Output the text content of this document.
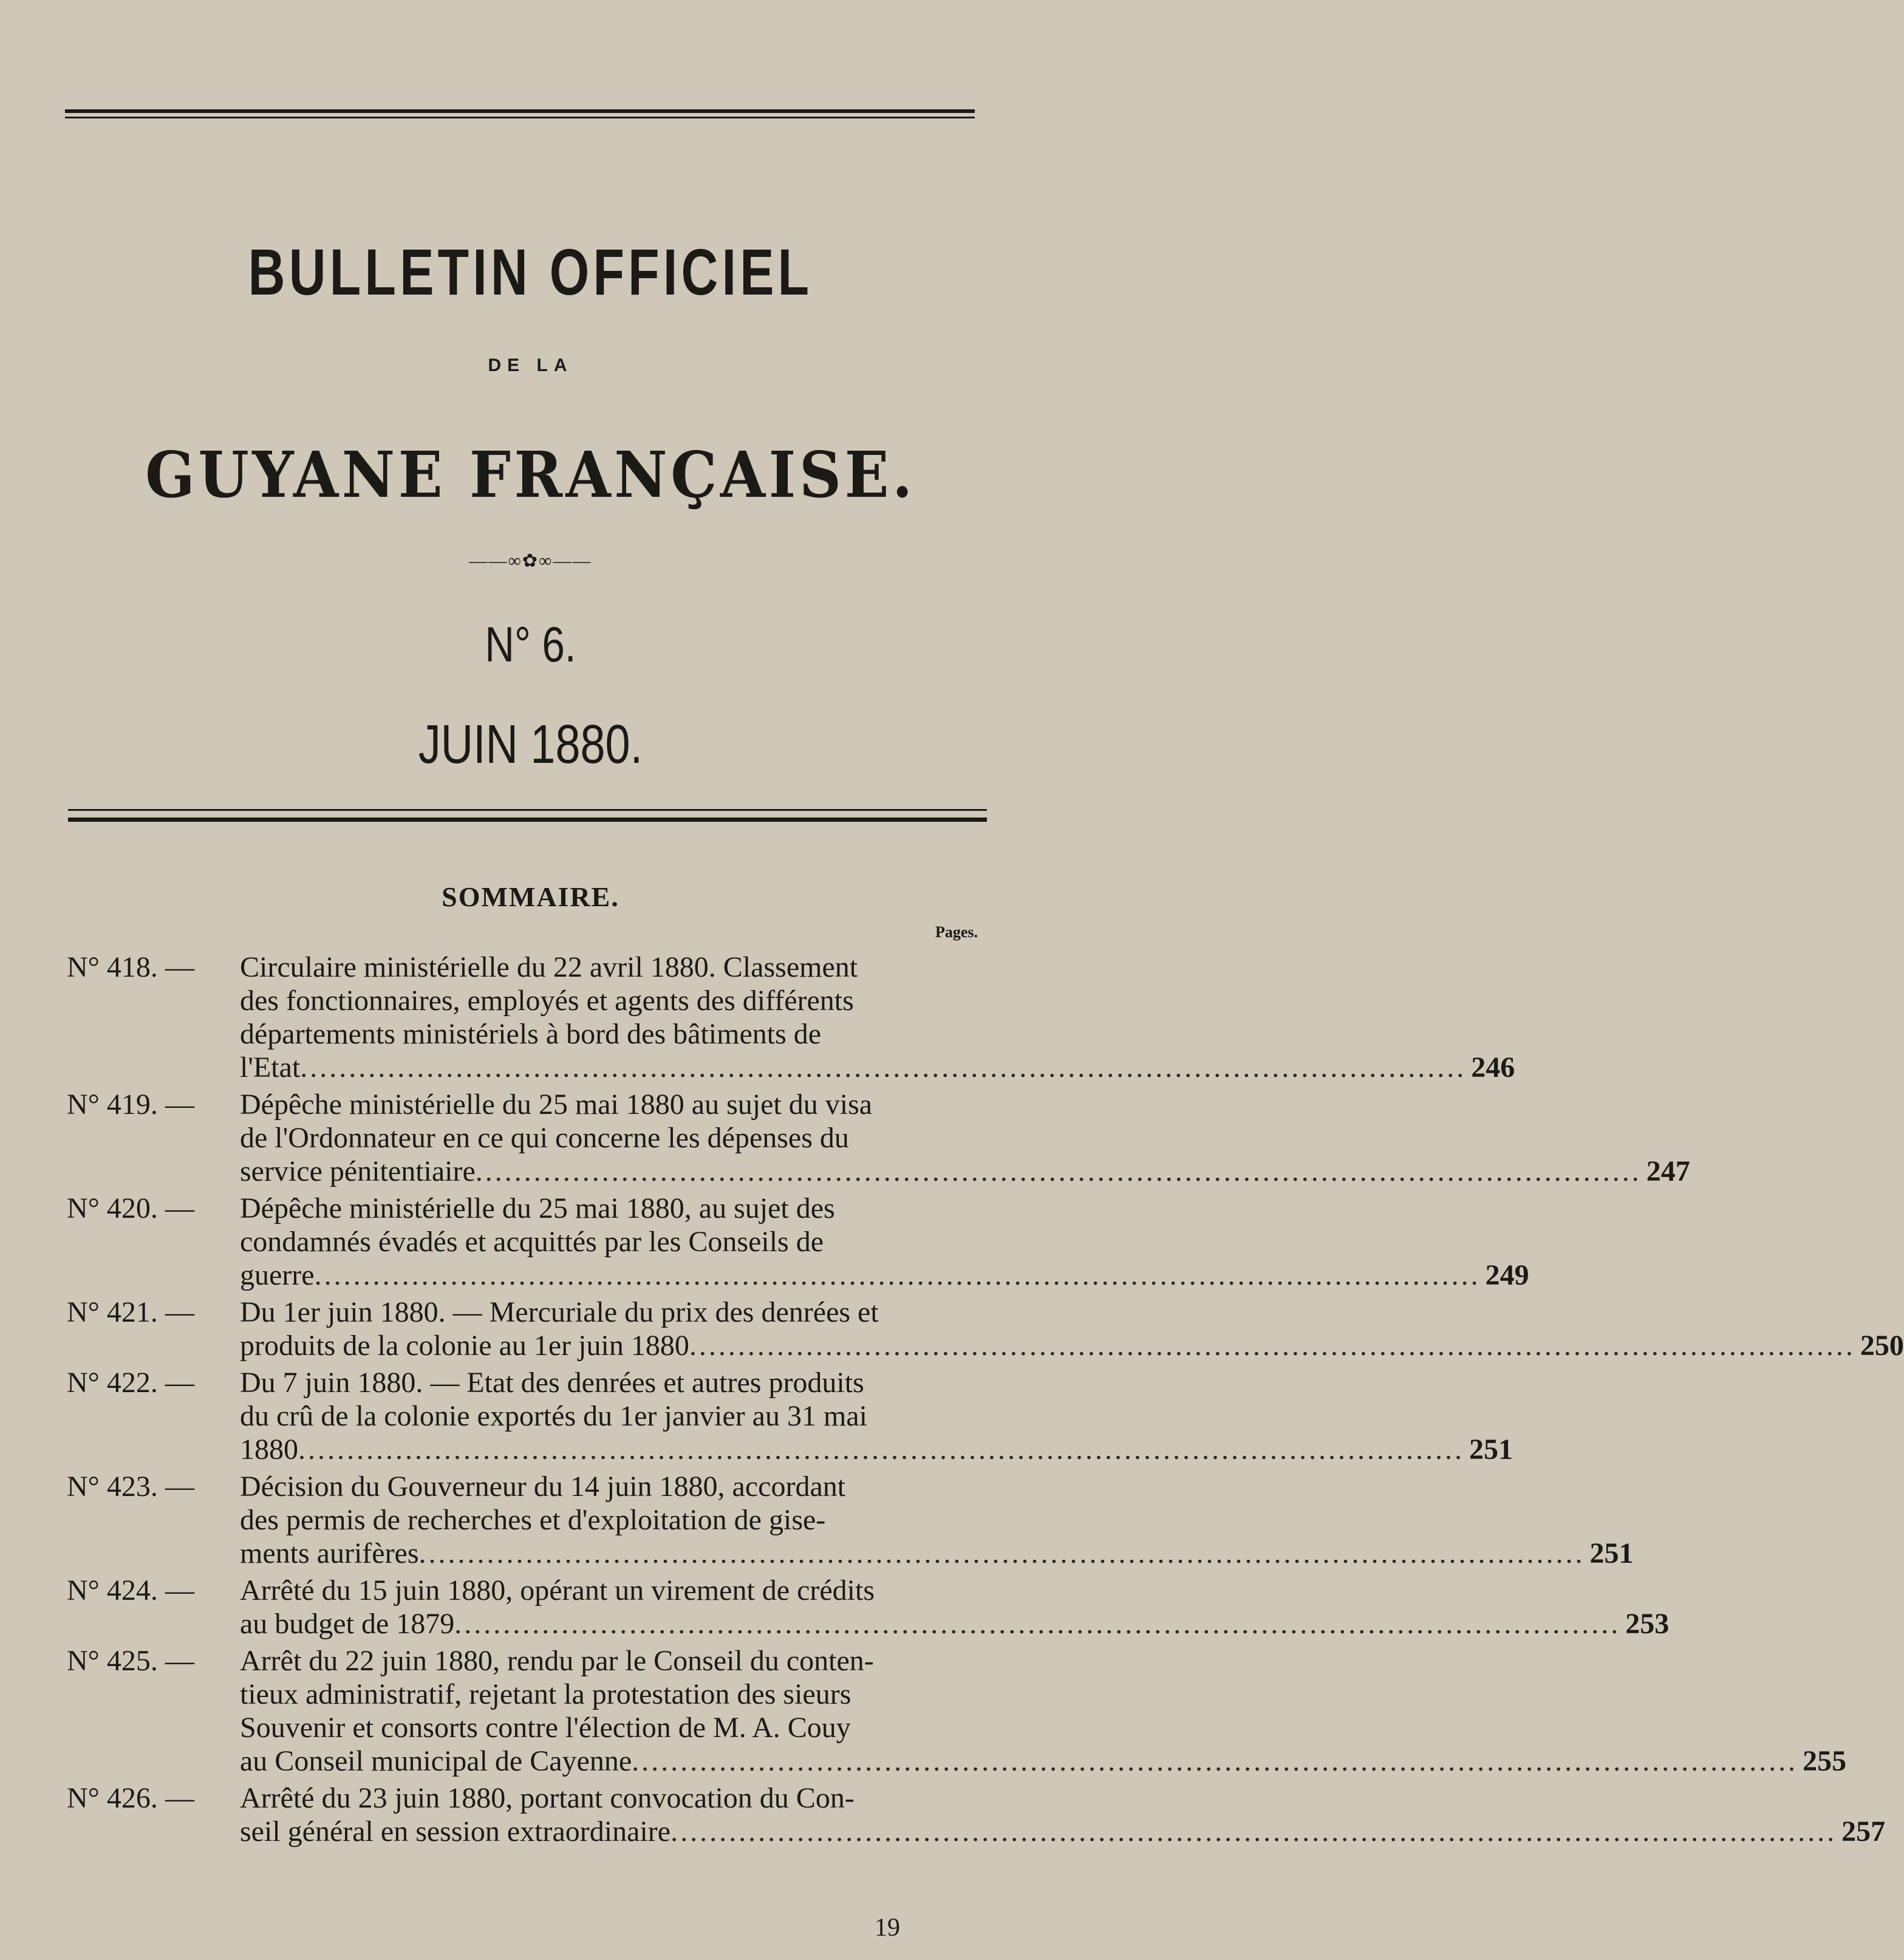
BULLETIN OFFICIEL
DE LA
GUYANE FRANÇAISE.
——∞✿∞——
N° 6.
JUIN 1880.
SOMMAIRE.
Pages.
N° 418. —	Circulaire ministérielle du 22 avril 1880. Classement
des fonctionnaires, employés et agents des différents
départements ministériels à bord des bâtiments de
l'Etat ........................................................................................................................ 246
N° 419. —	Dépêche ministérielle du 25 mai 1880 au sujet du visa
de l'Ordonnateur en ce qui concerne les dépenses du
service pénitentiaire ........................................................................................................................ 247
N° 420. —	Dépêche ministérielle du 25 mai 1880, au sujet des
condamnés évadés et acquittés par les Conseils de
guerre ........................................................................................................................ 249
N° 421. —	Du 1er juin 1880. — Mercuriale du prix des denrées et
produits de la colonie au 1er juin 1880 ........................................................................................................................ 250
N° 422. —	Du 7 juin 1880. — Etat des denrées et autres produits
du crû de la colonie exportés du 1er janvier au 31 mai
1880 ........................................................................................................................ 251
N° 423. —	Décision du Gouverneur du 14 juin 1880, accordant
des permis de recherches et d'exploitation de gise-
ments aurifères ........................................................................................................................ 251
N° 424. —	Arrêté du 15 juin 1880, opérant un virement de crédits
au budget de 1879 ........................................................................................................................ 253
N° 425. —	Arrêt du 22 juin 1880, rendu par le Conseil du conten-
tieux administratif, rejetant la protestation des sieurs
Souvenir et consorts contre l'élection de M. A. Couy
au Conseil municipal de Cayenne ........................................................................................................................ 255
N° 426. —	Arrêté du 23 juin 1880, portant convocation du Con-
seil général en session extraordinaire ........................................................................................................................ 257
19
